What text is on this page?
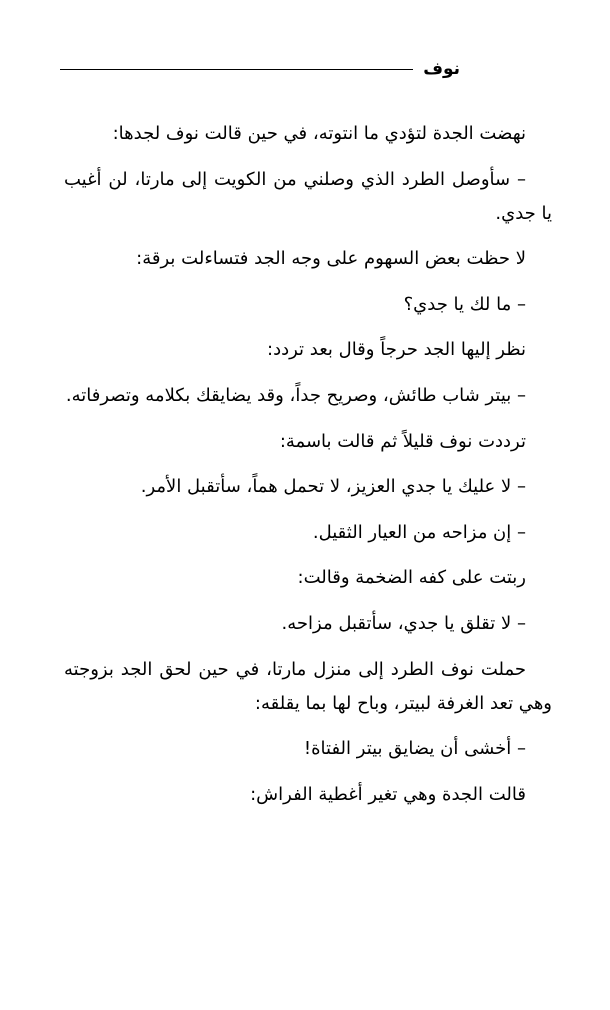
نوف

نهضت الجدة لتؤدي ما انتوته، في حين قالت نوف لجدها:

– سأوصل الطرد الذي وصلني من الكويت إلى مارتا، لن أغيب يا جدي.

لا حظت بعض السهوم على وجه الجد فتساءلت برقة:

– ما لك يا جدي؟

نظر إليها الجد حرجاً وقال بعد تردد:

– بيتر شاب طائش، وصريح جداً، وقد يضايقك بكلامه وتصرفاته.

ترددت نوف قليلاً ثم قالت باسمة:

– لا عليك يا جدي العزيز، لا تحمل هماً، سأتقبل الأمر.

– إن مزاحه من العيار الثقيل.

ربتت على كفه الضخمة وقالت:

– لا تقلق يا جدي، سأتقبل مزاحه.

حملت نوف الطرد إلى منزل مارتا، في حين لحق الجد بزوجته وهي تعد الغرفة لبيتر، وباح لها بما يقلقه:

– أخشى أن يضايق بيتر الفتاة!

قالت الجدة وهي تغير أغطية الفراش:
